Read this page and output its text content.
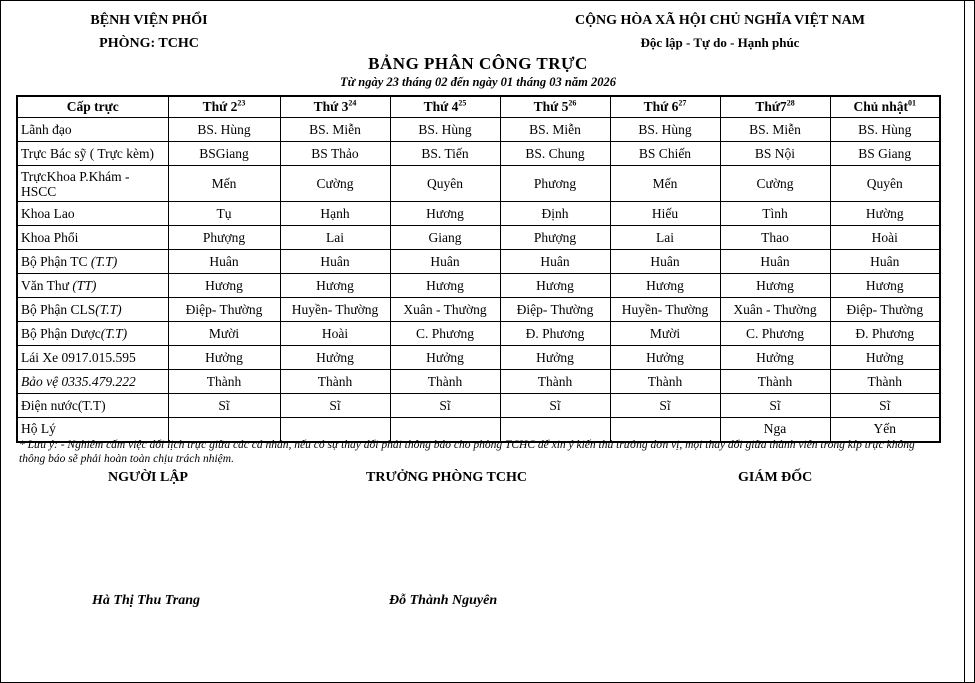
BỆNH VIỆN PHỔI
PHÒNG: TCHC
CỘNG HÒA XÃ HỘI CHỦ NGHĨA VIỆT NAM
Độc lập - Tự do - Hạnh phúc
BẢNG PHÂN CÔNG TRỰC
Từ ngày 23 tháng 02 đến ngày 01 tháng 03 năm 2026
Cấp trực	Thứ $2^{23}$	Thứ $3^{24}$	Thứ $4^{25}$	Thứ $5^{26}$	Thứ $6^{27}$	$Thứ7^{28}$	Chủ nhật$^{01}$
Lãnh đạo	BS. Hùng	BS. Miễn	BS. Hùng	BS. Miễn	BS. Hùng	BS. Miễn	BS. Hùng
Trực Bác sỹ ( Trực kèm)	BSGiang	BS Thảo	BS. Tiến	BS. Chung	BS Chiến	BS Nội	BS Giang
TrựcKhoa P.Khám - HSCC	Mến	Cường	Quyên	Phương	Mến	Cường	Quyên
Khoa Lao	Tụ	Hạnh	Hương	Định	Hiếu	Tình	Hường
Khoa Phổi	Phượng	Lai	Giang	Phượng	Lai	Thao	Hoài
Bộ Phận TC (T.T)	Huân	Huân	Huân	Huân	Huân	Huân	Huân
Văn Thư (TT)	Hương	Hương	Hương	Hương	Hương	Hương	Hương
Bộ Phận CLS(T.T)	Điệp- Thường	Huyền- Thường	Xuân - Thường	Điệp- Thường	Huyền- Thường	Xuân - Thường	Điệp- Thường
Bộ Phận Dược(T.T)	Mười	Hoài	C. Phương	Đ. Phương	Mười	C. Phương	Đ. Phương
Lái Xe 0917.015.595	Hưởng	Hưởng	Hưởng	Hưởng	Hưởng	Hưởng	Hưởng
Bảo vệ 0335.479.222	Thành	Thành	Thành	Thành	Thành	Thành	Thành
Điện nước(T.T)	Sĩ	Sĩ	Sĩ	Sĩ	Sĩ	Sĩ	Sĩ
Hộ Lý						Nga	Yến
* Lưu ý: - Nghiêm cấm việc đổi lịch trực giữa các cá nhân, nếu có sự thay đổi phải thông báo cho phòng TCHC để xin ý kiến thủ trưởng đơn vị, mọi thay đổi giữa thành viên trong kíp trực không thông báo sẽ phải hoàn toàn chịu trách nhiệm.
NGƯỜI LẬP	TRƯỞNG PHÒNG TCHC	GIÁM ĐỐC
Hà Thị Thu Trang	Đỗ Thành Nguyên
